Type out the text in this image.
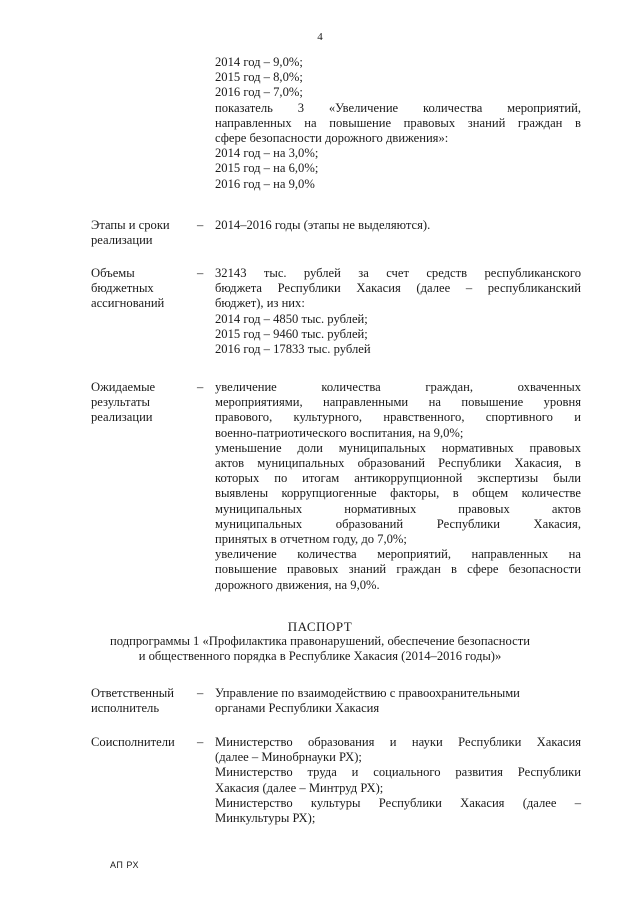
4
2014 год – 9,0%;
2015 год – 8,0%;
2016 год – 7,0%;
показатель 3 «Увеличение количества мероприятий,
направленных на повышение правовых знаний граждан в
сфере безопасности дорожного движения»:
2014 год – на 3,0%;
2015 год – на 6,0%;
2016 год – на 9,0%
Этапы и сроки
реализации
– 2014–2016 годы (этапы не выделяются).
Объемы
бюджетных
ассигнований
– 32143 тыс. рублей за счет средств республиканского
бюджета Республики Хакасия (далее – республиканский
бюджет), из них:
2014 год – 4850 тыс. рублей;
2015 год – 9460 тыс. рублей;
2016 год – 17833 тыс. рублей
Ожидаемые
результаты
реализации
– увеличение количества граждан, охваченных
мероприятиями, направленными на повышение уровня
правового, культурного, нравственного, спортивного и
военно-патриотического воспитания, на 9,0%;
уменьшение доли муниципальных нормативных правовых
актов муниципальных образований Республики Хакасия, в
которых по итогам антикоррупционной экспертизы были
выявлены коррупциогенные факторы, в общем количестве
муниципальных нормативных правовых актов
муниципальных образований Республики Хакасия,
принятых в отчетном году, до 7,0%;
увеличение количества мероприятий, направленных на
повышение правовых знаний граждан в сфере безопасности
дорожного движения, на 9,0%.
ПАСПОРТ
подпрограммы 1 «Профилактика правонарушений, обеспечение безопасности
и общественного порядка в Республике Хакасия (2014–2016 годы)»
Ответственный
исполнитель
– Управление по взаимодействию с правоохранительными
органами Республики Хакасия
Соисполнители	– Министерство образования и науки Республики Хакасия
(далее – Минобрнауки РХ);
Министерство труда и социального развития Республики
Хакасия (далее – Минтруд РХ);
Министерство культуры Республики Хакасия (далее –
Минкультуры РХ);
АП РХ
